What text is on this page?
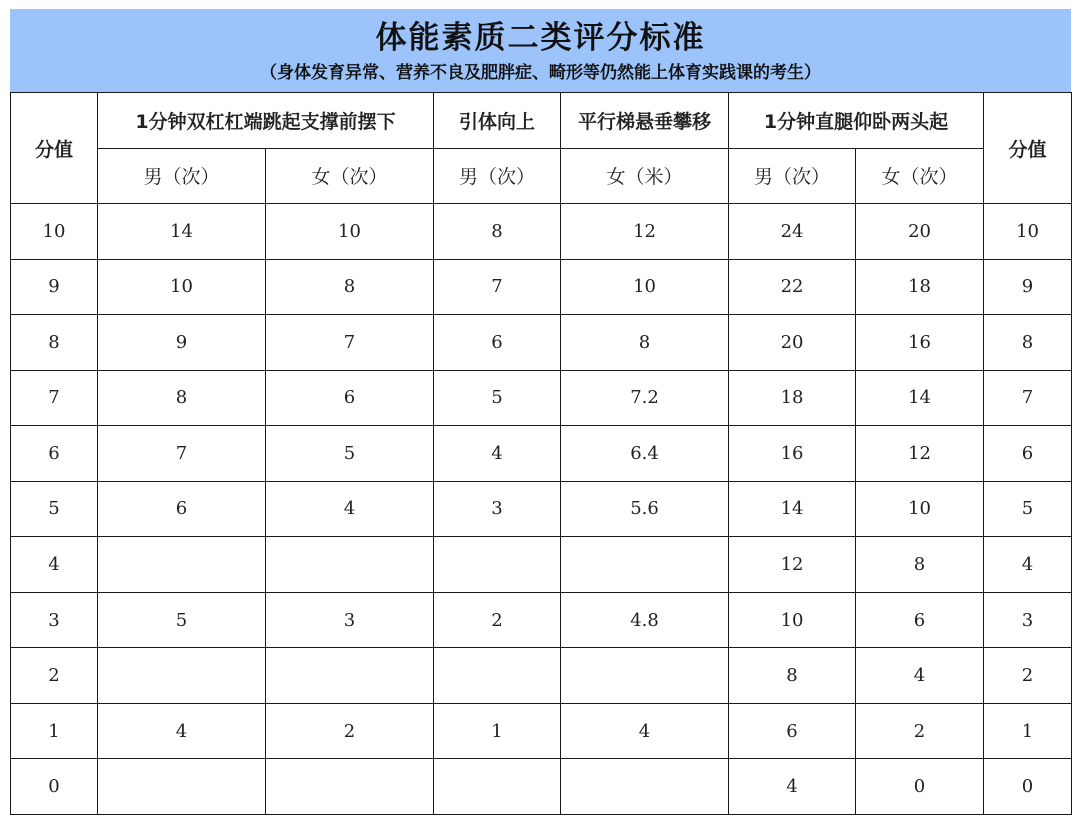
体能素质二类评分标准
（身体发育异常、营养不良及肥胖症、畸形等仍然能上体育实践课的考生）
分值	1分钟双杠杠端跳起支撑前摆下		引体向上	平行梯悬垂攀移	1分钟直腿仰卧两头起		分值
	男（次）	女（次）	男（次）	女（米）	男（次）	女（次）	
10	14	10	8	12	24	20	10
9	10	8	7	10	22	18	9
8	9	7	6	8	20	16	8
7	8	6	5	7.2	18	14	7
6	7	5	4	6.4	16	12	6
5	6	4	3	5.6	14	10	5
4					12	8	4
3	5	3	2	4.8	10	6	3
2					8	4	2
1	4	2	1	4	6	2	1
0					4	0	0
